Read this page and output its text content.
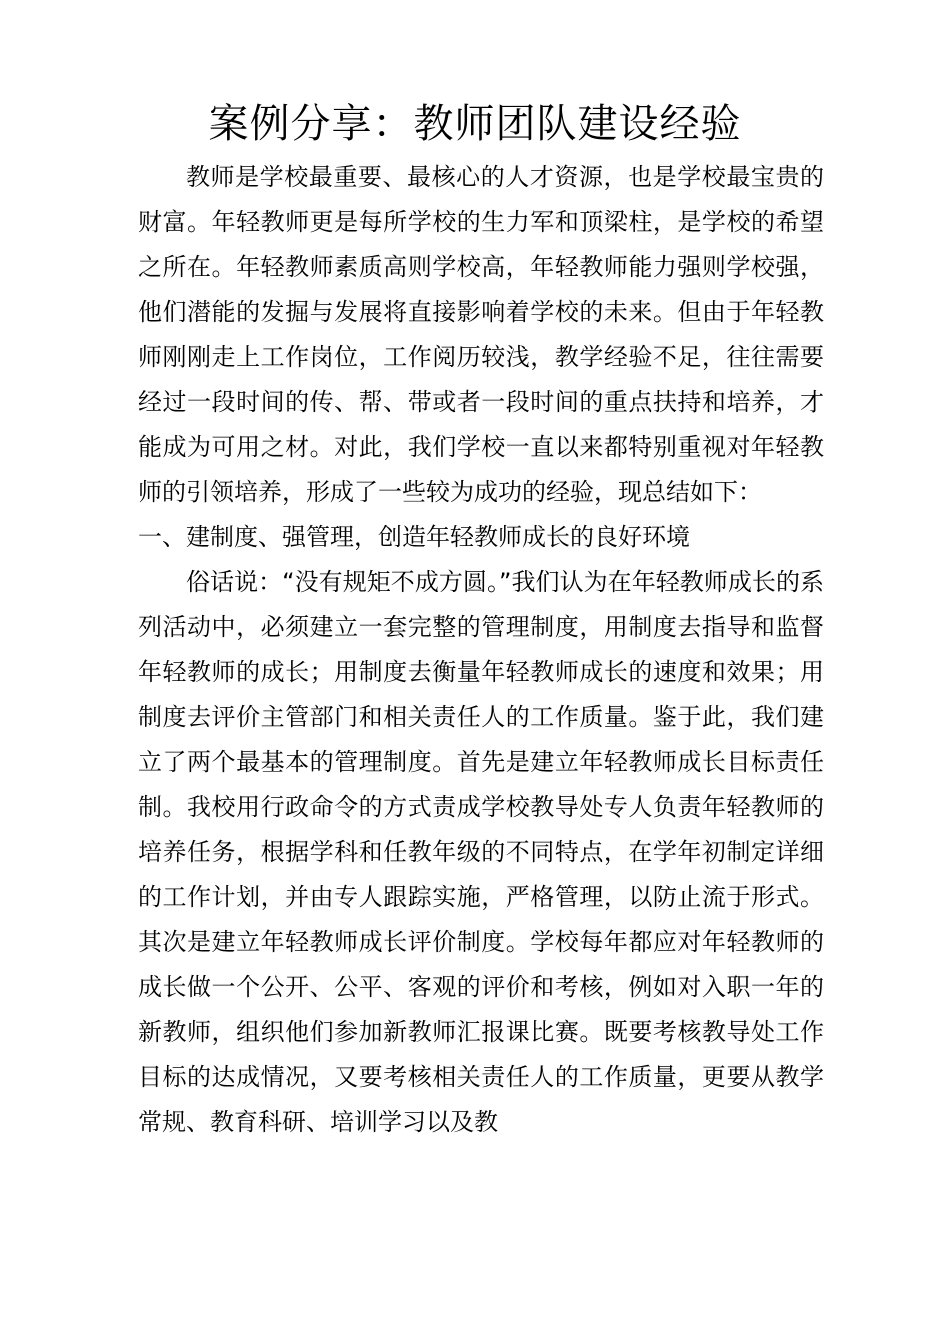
案例分享：教师团队建设经验

教师是学校最重要、最核心的人才资源，也是学校最宝贵的财富。年轻教师更是每所学校的生力军和顶梁柱，是学校的希望之所在。年轻教师素质高则学校高，年轻教师能力强则学校强，他们潜能的发掘与发展将直接影响着学校的未来。但由于年轻教师刚刚走上工作岗位，工作阅历较浅，教学经验不足，往往需要经过一段时间的传、帮、带或者一段时间的重点扶持和培养，才能成为可用之材。对此，我们学校一直以来都特别重视对年轻教师的引领培养，形成了一些较为成功的经验，现总结如下：

一、建制度、强管理，创造年轻教师成长的良好环境

俗话说：“没有规矩不成方圆。”我们认为在年轻教师成长的系列活动中，必须建立一套完整的管理制度，用制度去指导和监督年轻教师的成长；用制度去衡量年轻教师成长的速度和效果；用制度去评价主管部门和相关责任人的工作质量。鉴于此，我们建立了两个最基本的管理制度。首先是建立年轻教师成长目标责任制。我校用行政命令的方式责成学校教导处专人负责年轻教师的培养任务，根据学科和任教年级的不同特点，在学年初制定详细的工作计划，并由专人跟踪实施，严格管理，以防止流于形式。其次是建立年轻教师成长评价制度。学校每年都应对年轻教师的成长做一个公开、公平、客观的评价和考核，例如对入职一年的新教师，组织他们参加新教师汇报课比赛。既要考核教导处工作目标的达成情况，又要考核相关责任人的工作质量，更要从教学常规、教育科研、培训学习以及教
